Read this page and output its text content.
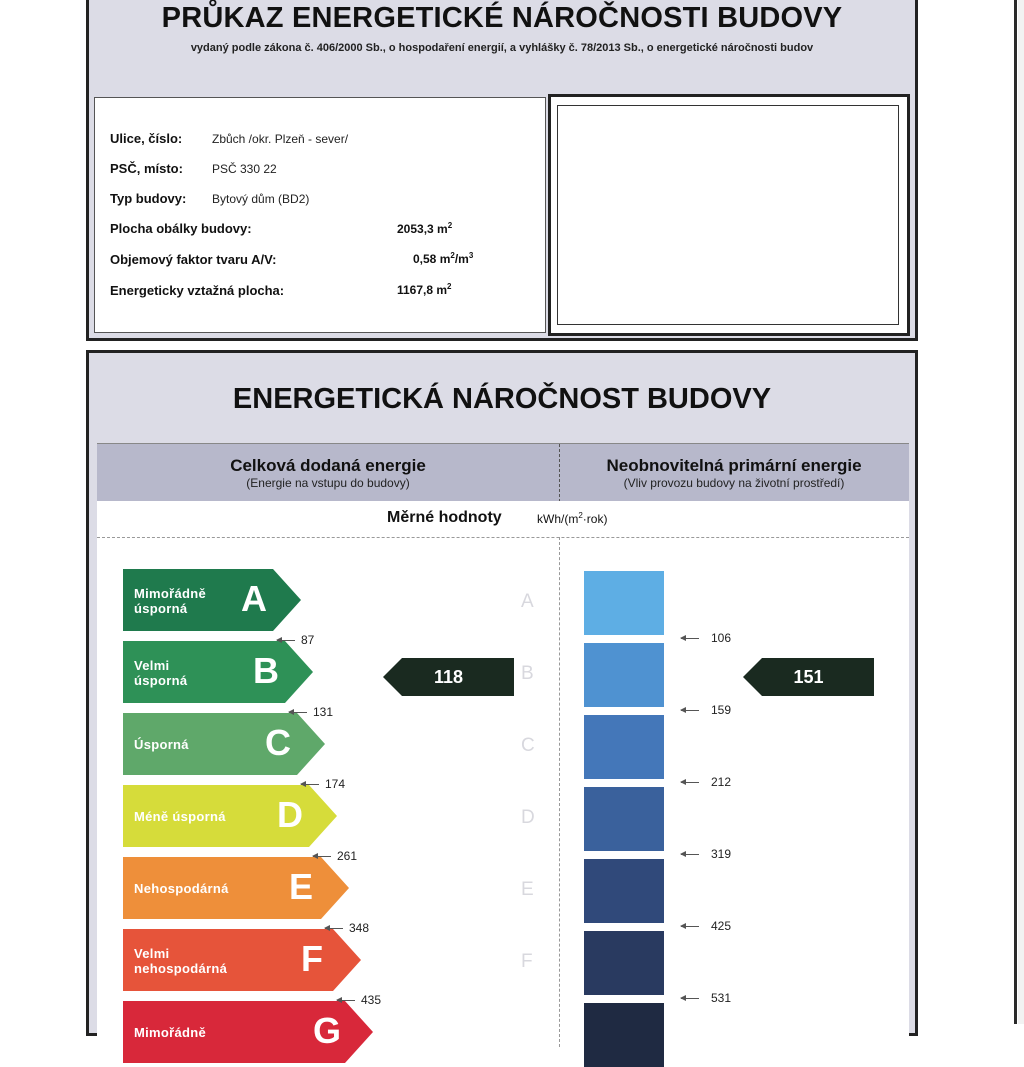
PRŮKAZ ENERGETICKÉ NÁROČNOSTI BUDOVY
vydaný podle zákona č. 406/2000 Sb., o hospodaření energií, a vyhlášky č. 78/2013 Sb., o energetické náročnosti budov
Ulice, číslo: Zbůch /okr. Plzeň - sever/
PSČ, místo: PSČ 330 22
Typ budovy: Bytový dům (BD2)
Plocha obálky budovy:	2053,3 $m^2$
Objemový faktor tvaru A/V:	0,58 $m^2/m^3$
Energeticky vztažná plocha:	1167,8 $m^2$
ENERGETICKÁ NÁROČNOST BUDOVY
Celková dodaná energie
(Energie na vstupu do budovy)
Neobnovitelná primární energie
(Vliv provozu budovy na životní prostředí)
Měrné hodnoty	kWh/$(m^2\cdot rok)$
Mimořádně
úsporná	A
Velmi
úsporná B
Úsporná C
Méně úsporná D
Nehospodárná E
Velmi
nehospodárná F
Mimořádně	G
A
B
C
D
E
F
87
131
174
261
348
435
106
159
212
319
425
531
118	151
